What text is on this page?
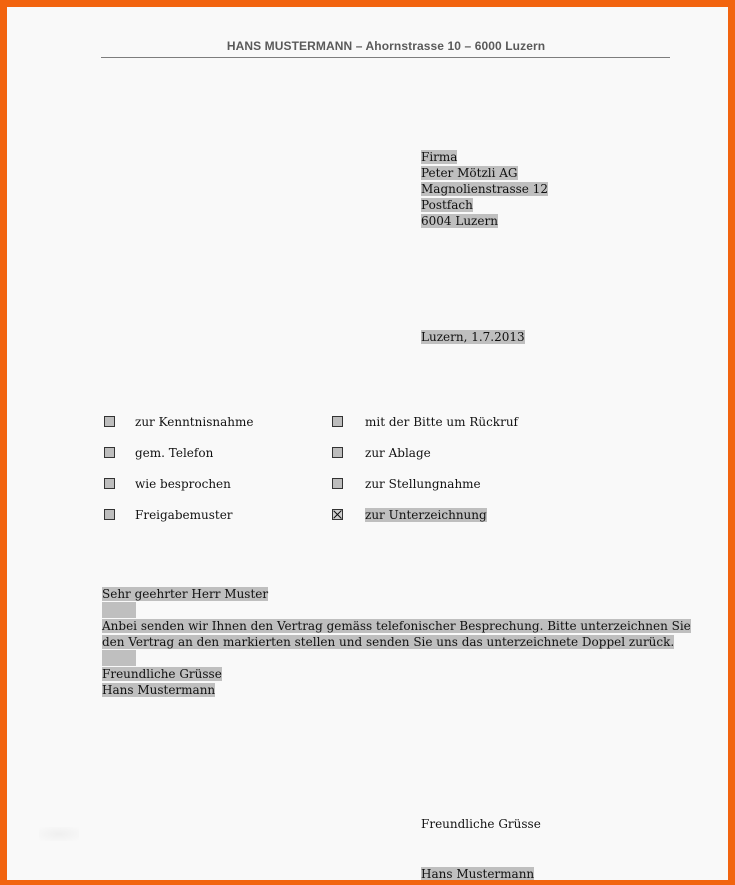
HANS MUSTERMANN – Ahornstrasse 10 – 6000 Luzern
Firma
Peter Mötzli AG
Magnolienstrasse 12
Postfach
6004 Luzern
Luzern, 1.7.2013
zur Kenntnisnahme
gem. Telefon
wie besprochen
Freigabemuster
mit der Bitte um Rückruf
zur Ablage
zur Stellungnahme
zur Unterzeichnung
Sehr geehrter Herr Muster
Anbei senden wir Ihnen den Vertrag gemäss telefonischer Besprechung. Bitte unterzeichnen Sie
den Vertrag an den markierten stellen und senden Sie uns das unterzeichnete Doppel zurück.
Freundliche Grüsse
Hans Mustermann
Freundliche Grüsse
Hans Mustermann
